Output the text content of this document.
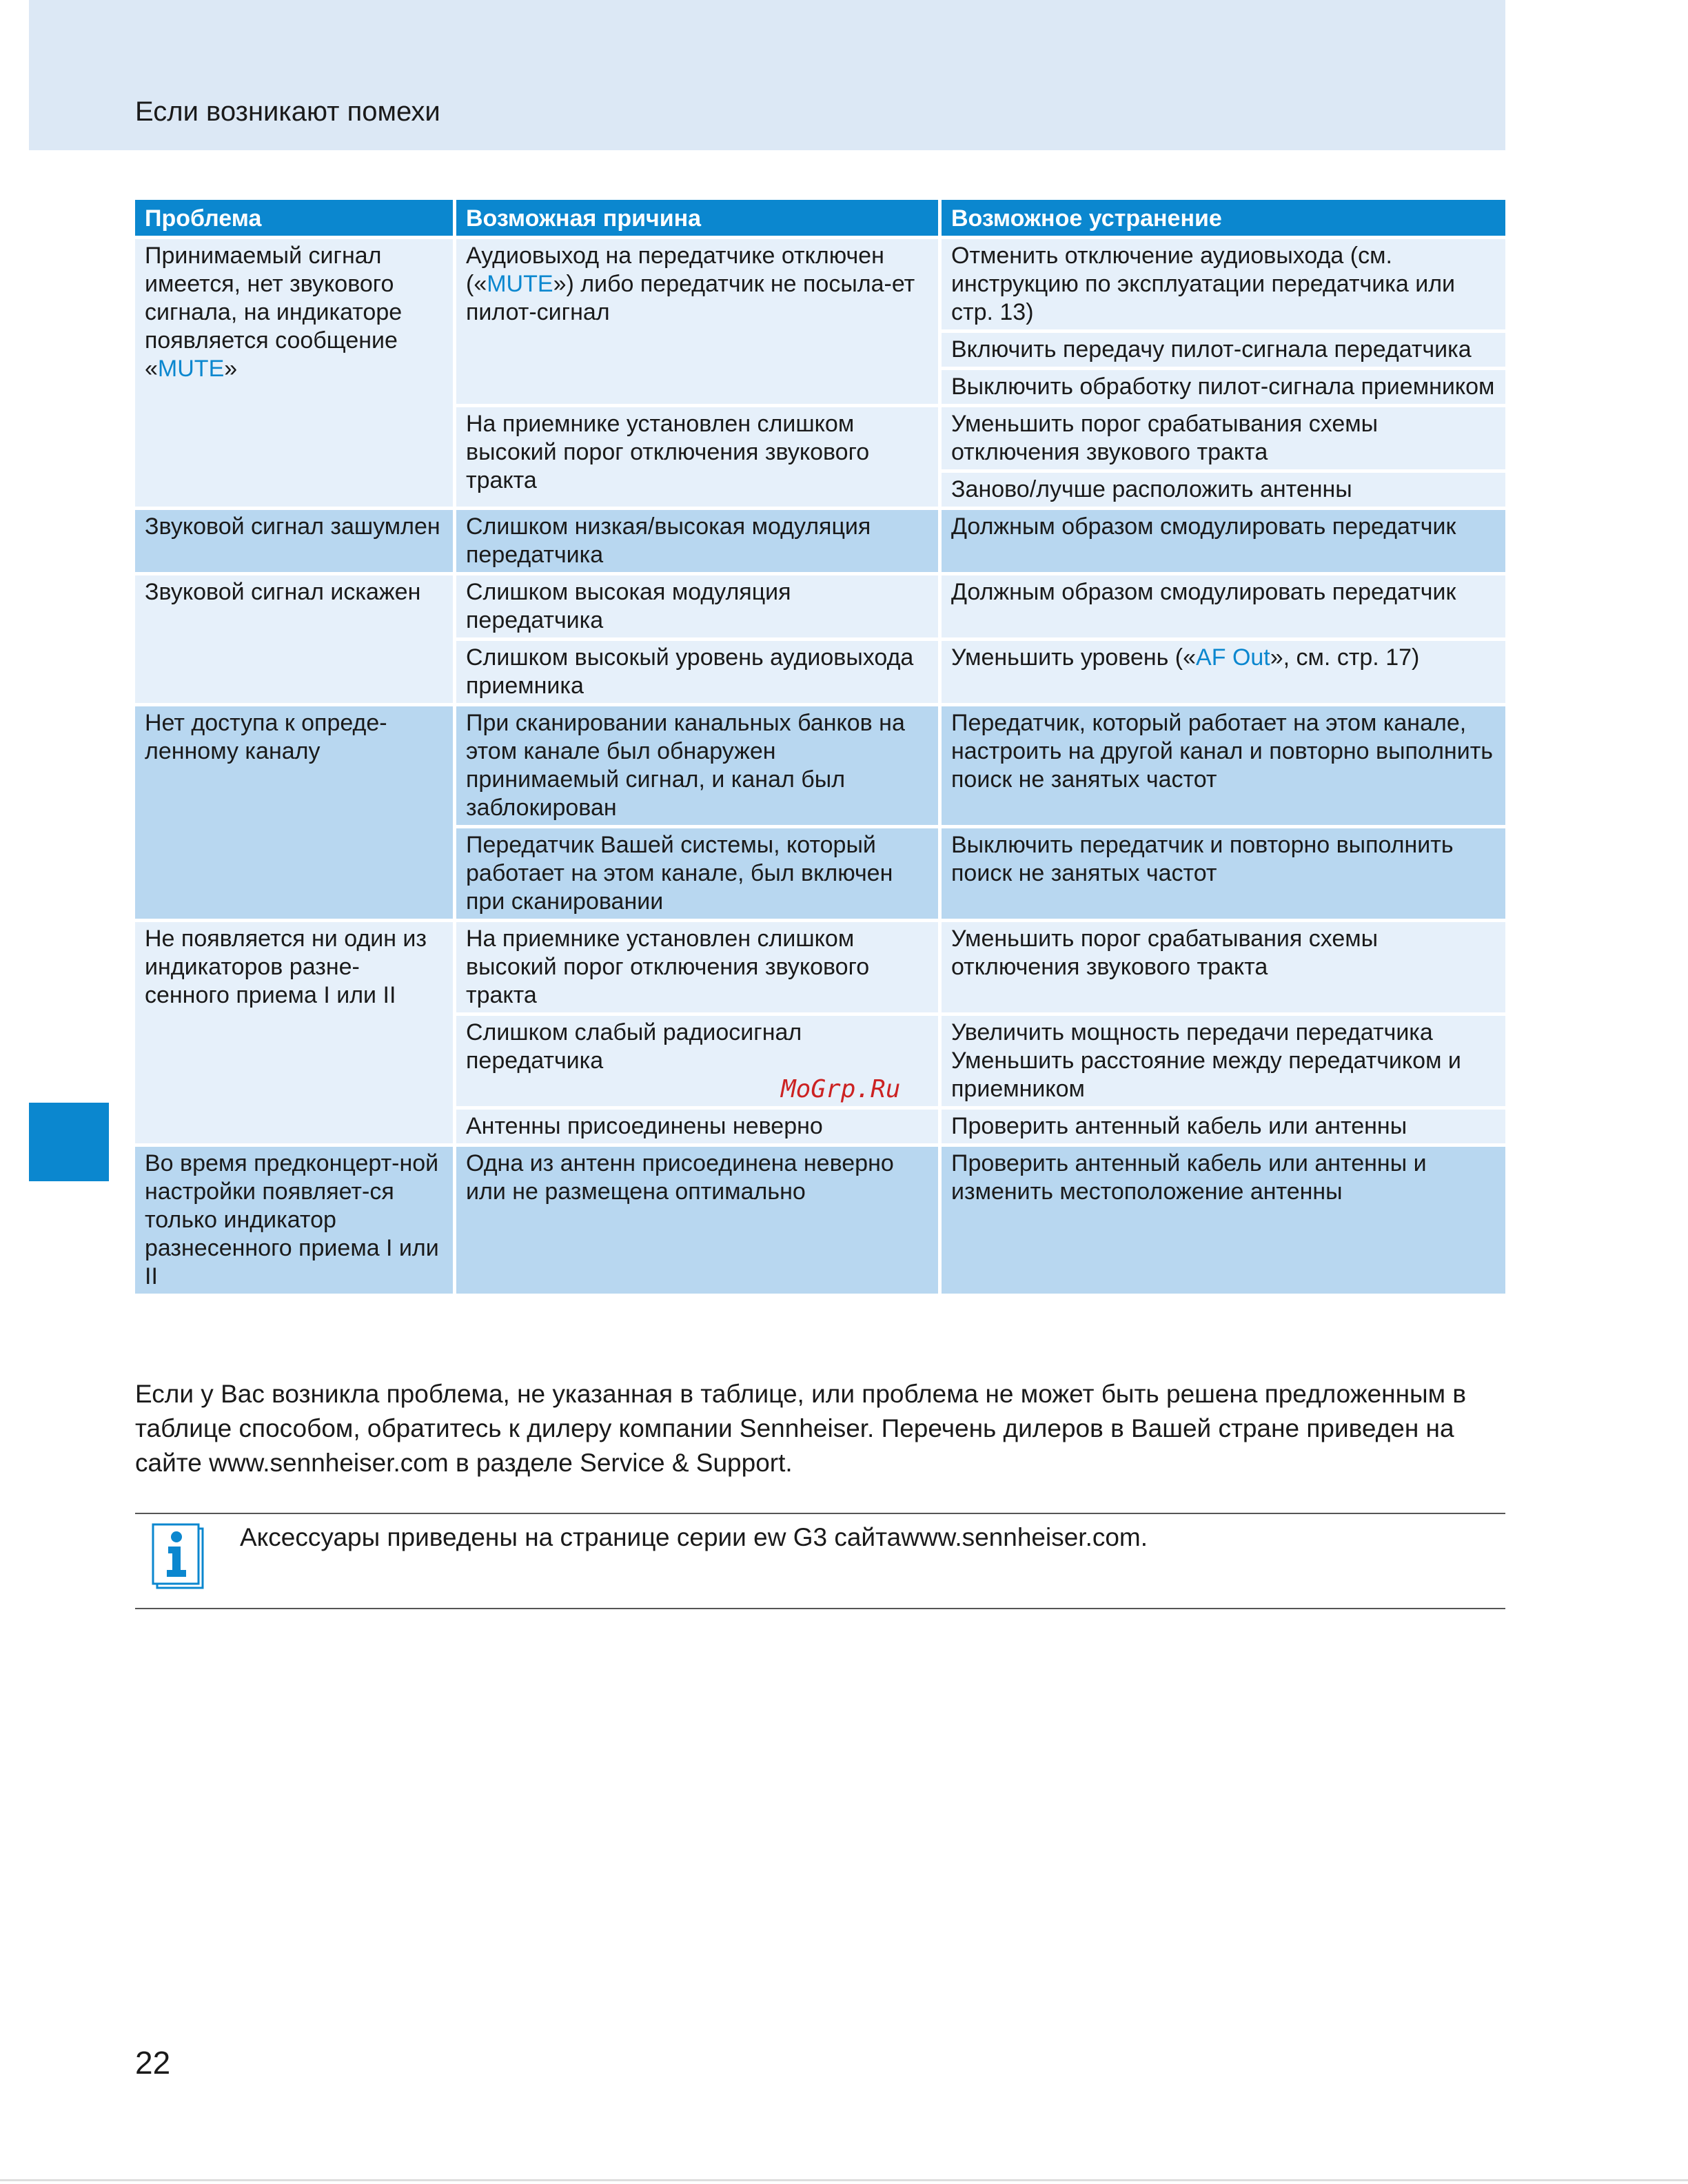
Если возникают помехи
Проблема	Возможная причина	Возможное устранение
Принимаемый сигнал имеется, нет звукового сигнала, на индикаторе появляется сообщение «MUTE»	Аудиовыход на передатчике отключен («MUTE») либо передатчик не посыла-ет пилот-сигнал	Отменить отключение аудиовыхода (см. инструкцию по эксплуатации передатчика или стр. 13)
		Включить передачу пилот-сигнала передатчика
		Выключить обработку пилот-сигнала приемником
	На приемнике установлен слишком высокий порог отключения звукового тракта	Уменьшить порог срабатывания схемы отключения звукового тракта
		Заново/лучше расположить антенны
Звуковой сигнал зашумлен	Слишком низкая/высокая модуляция передатчика	Должным образом смодулировать передатчик
Звуковой сигнал искажен	Слишком высокая модуляция передатчика	Должным образом смодулировать передатчик
	Слишком высокый уровень аудиовыхода приемника	Уменьшить уровень («AF Out», см. стр. 17)
Нет доступа к опреде-ленному каналу	При сканировании канальных банков на этом канале был обнаружен принимаемый сигнал, и канал был заблокирован	Передатчик, который работает на этом канале, настроить на другой канал и повторно выполнить поиск не занятых частот
	Передатчик Вашей системы, который работает на этом канале, был включен при сканировании	Выключить передатчик и повторно выполнить поиск не занятых частот
Не появляется ни один из индикаторов разне-сенного приема I или II	На приемнике установлен слишком высокий порог отключения звукового тракта	Уменьшить порог срабатывания схемы отключения звукового тракта
	Слишком слабый радиосигнал передатчика	Увеличить мощность передачи передатчика Уменьшить расстояние между передатчиком и приемником
	Антенны присоединены неверно	Проверить антенный кабель или антенны
Во время предконцерт-ной настройки появляет-ся только индикатор разнесенного приема I или II	Одна из антенн присоединена неверно или не размещена оптимально	Проверить антенный кабель или антенны и изменить местоположение антенны
MoGrp.Ru
Если у Вас возникла проблема, не указанная в таблице, или проблема не может быть решена предложенным в таблице способом, обратитесь к дилеру компании Sennheiser. Перечень дилеров в Вашей стране приведен на сайте www.sennheiser.com в разделе Service & Support.
Аксессуары приведены на странице серии ew G3 сайтаwww.sennheiser.com.
22
